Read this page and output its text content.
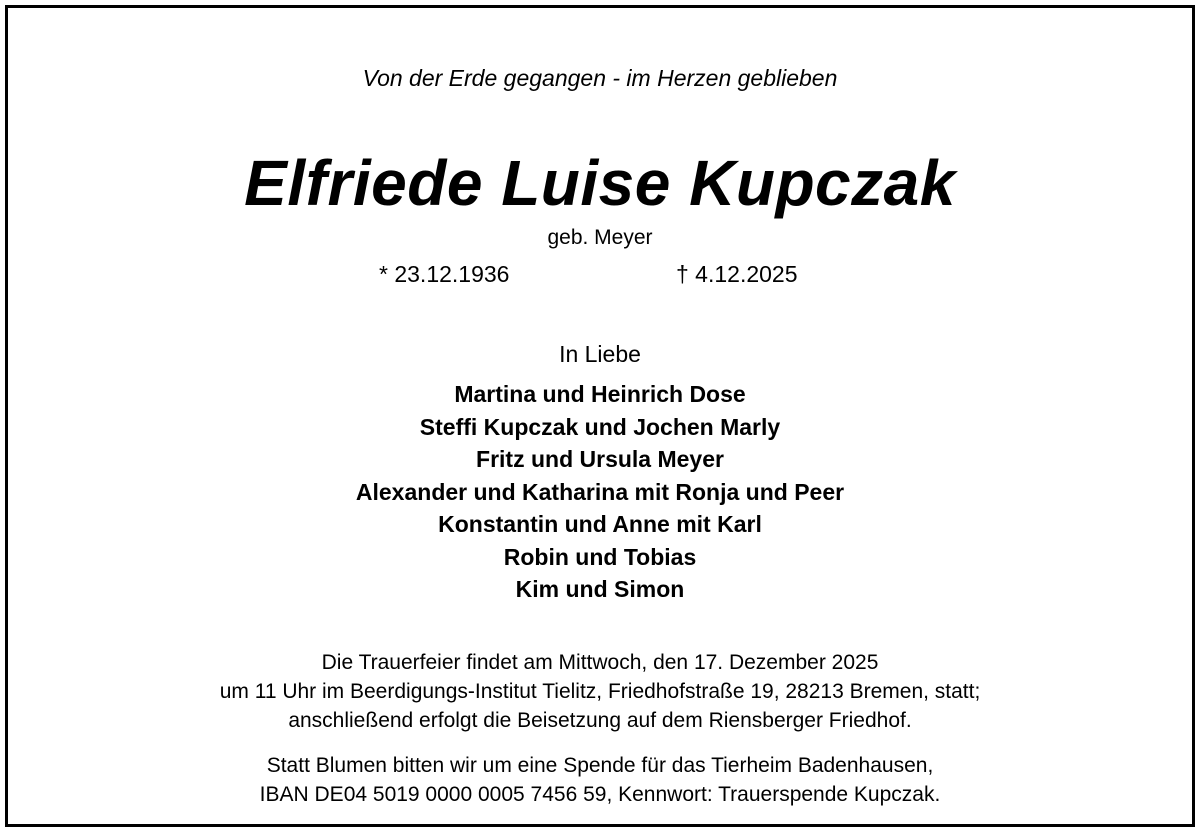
Von der Erde gegangen - im Herzen geblieben
Elfriede Luise Kupczak
geb. Meyer
* 23.12.1936	† 4.12.2025
In Liebe
Martina und Heinrich Dose
Steffi Kupczak und Jochen Marly
Fritz und Ursula Meyer
Alexander und Katharina mit Ronja und Peer
Konstantin und Anne mit Karl
Robin und Tobias
Kim und Simon
Die Trauerfeier findet am Mittwoch, den 17. Dezember 2025
um 11 Uhr im Beerdigungs-Institut Tielitz, Friedhofstraße 19, 28213 Bremen, statt;
anschließend erfolgt die Beisetzung auf dem Riensberger Friedhof.
Statt Blumen bitten wir um eine Spende für das Tierheim Badenhausen,
IBAN DE04 5019 0000 0005 7456 59, Kennwort: Trauerspende Kupczak.
